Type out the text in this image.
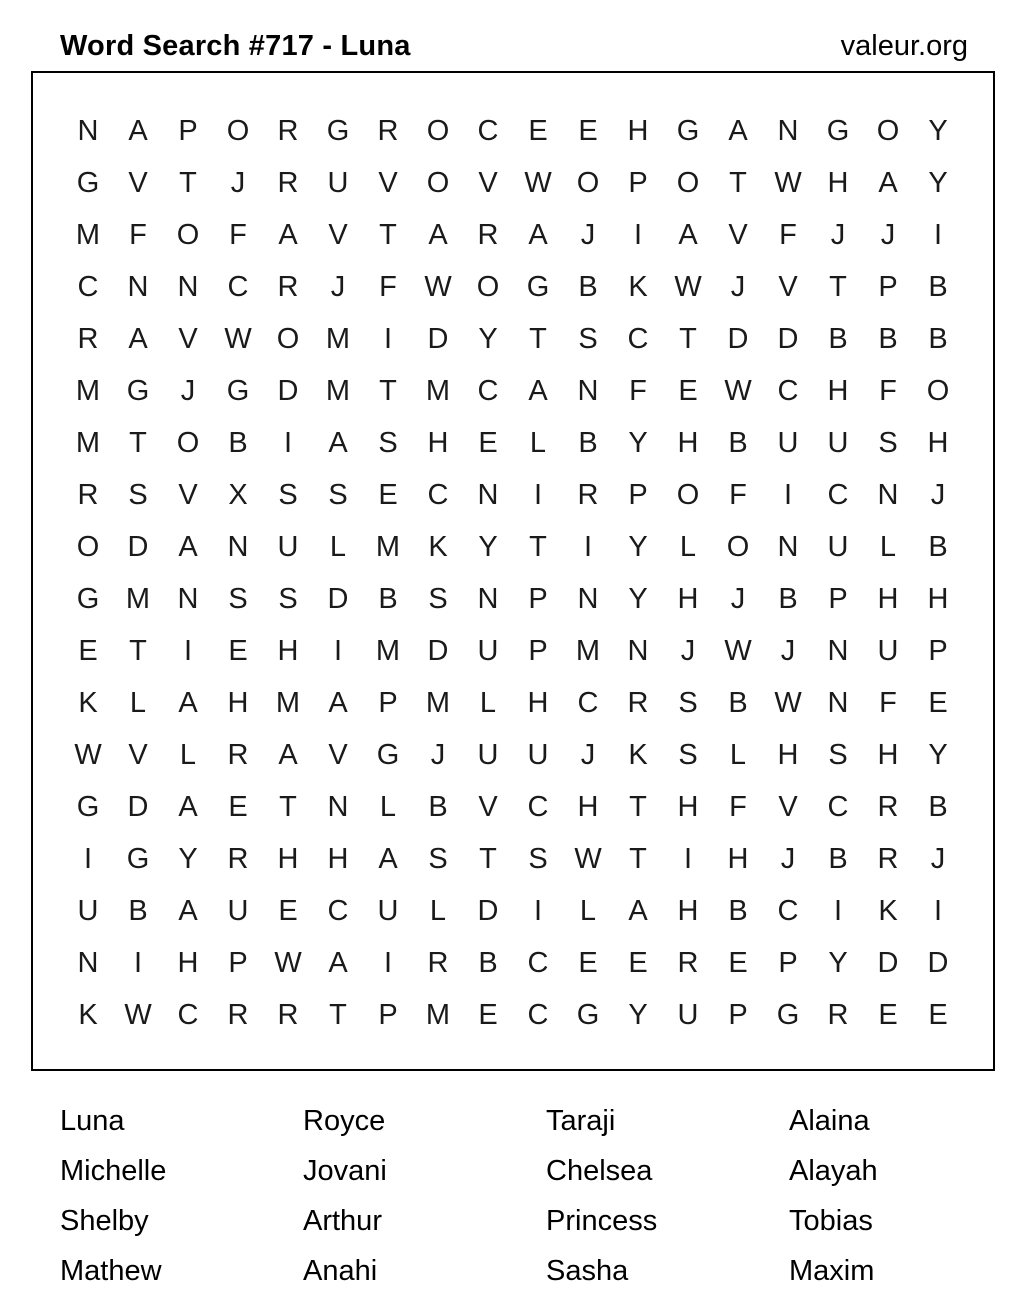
Word Search #717 - Luna	valeur.org
N	A	P	O R G R O C	E	E	H G	A	N G O	Y
G	V	T	J	R	U	V	O	V W O	P	O	T W H	A	Y
M	F	O	F	A	V	T	A	R	A	J	I	A	V	F	J	J	I
C	N	N	C	R	J	F W O G	B	K W	J	V	T	P	B
R	A	V W O M	I	D	Y	T	S	C	T	D	D	B	B	B
M G	J	G D M	T	M C	A	N	F	E W C	H	F	O
M	T	O	B	I	A	S	H	E	L	B	Y	H	B	U	U	S	H
R	S	V	X	S	S	E	C	N	I	R	P	O	F	I	C	N	J
O D	A	N	U	L	M K	Y	T	I	Y	L	O N	U	L	B
G M N	S	S	D	B	S	N	P	N	Y	H	J	B	P	H	H
E	T	I	E	H	I	M D	U	P M N	J	W	J	N	U	P
K	L	A	H M A	P M	L	H	C	R	S	B W N	F	E
W V	L	R	A	V	G	J	U	U	J	K	S	L	H	S	H	Y
G D	A	E	T	N	L	B	V	C	H	T	H	F	V	C	R	B
I	G	Y	R	H	H	A	S	T	S W T	I	H	J	B	R	J
U	B	A	U	E	C	U	L	D	I	L	A	H	B	C	I	K	I
N	I	H	P W A	I	R	B	C	E	E	R	E	P	Y	D	D
K W C	R	R	T	P M E	C G	Y	U	P	G R	E	E
Luna	Royce	Taraji	Alaina
Michelle	Jovani	Chelsea	Alayah
Shelby	Arthur	Princess	Tobias
Mathew	Anahi	Sasha	Maxim
